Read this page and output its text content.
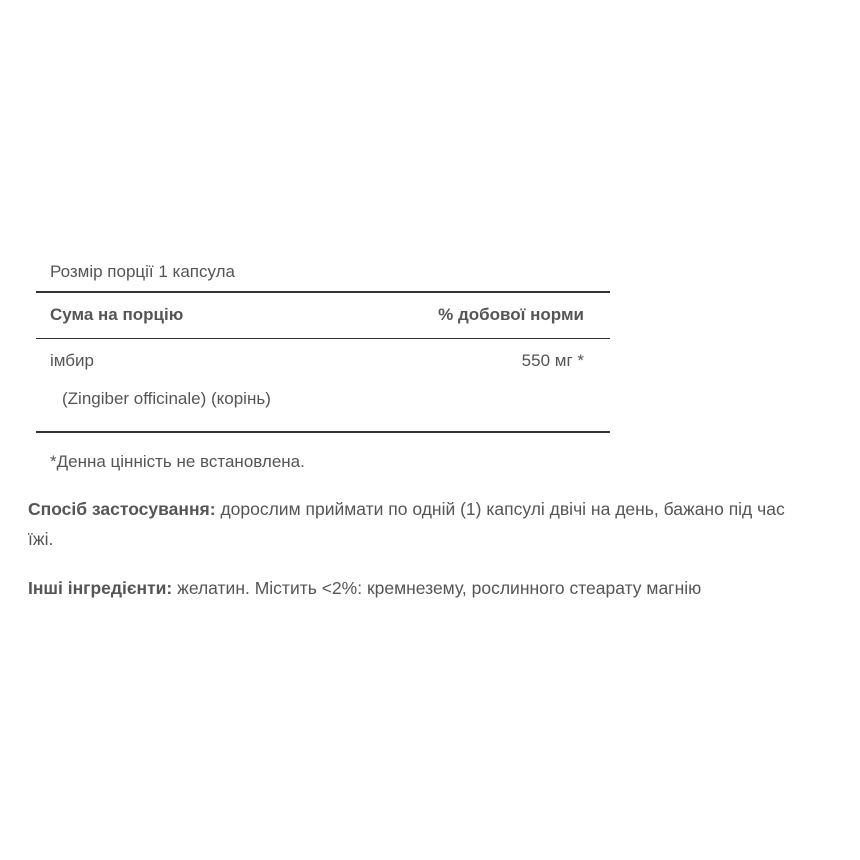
Розмір порції 1 капсула
Сума на порцію	% добової норми
імбир	550 мг *
(Zingiber officinale) (корінь)
*Денна цінність не встановлена.
Спосіб застосування: дорослим приймати по одній (1) капсулі двічі на день, бажано під час їжі.
Інші інгредієнти: желатин. Містить <2%: кремнезему, рослинного стеарату магнію
